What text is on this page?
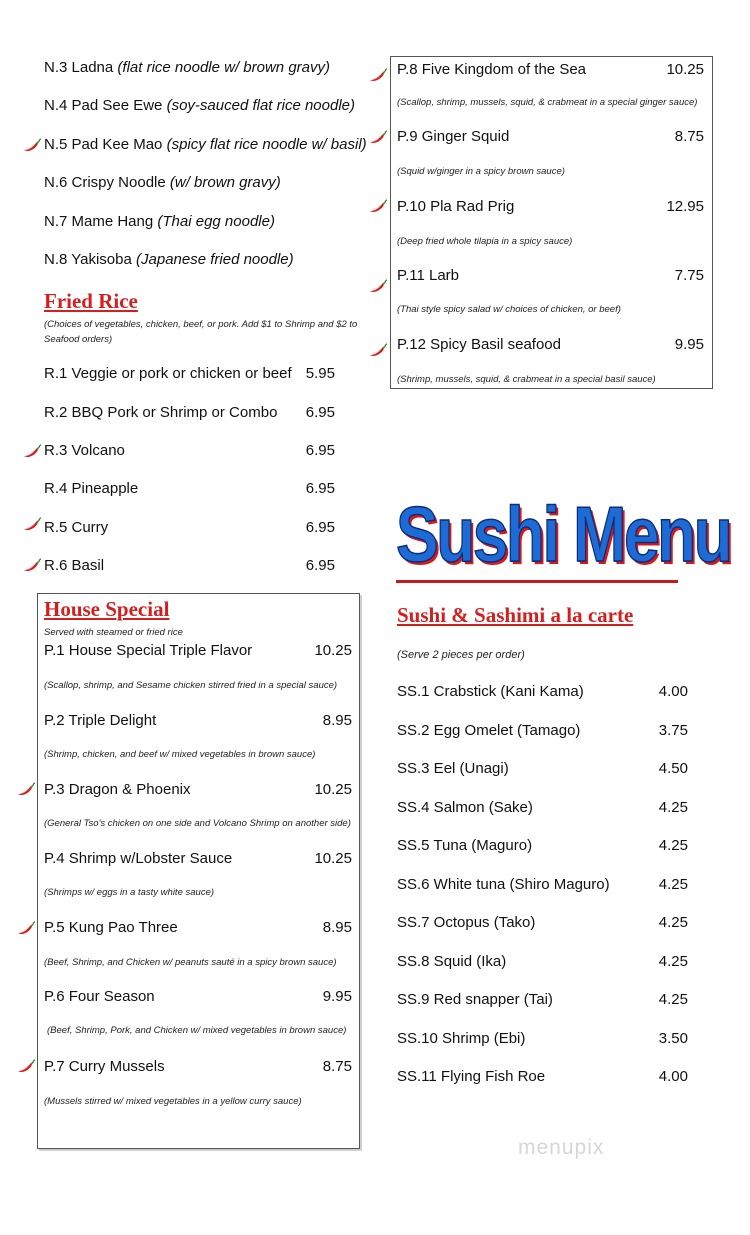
N.3 Ladna (flat rice noodle w/ brown gravy)
N.4 Pad See Ewe (soy-sauced flat rice noodle)
N.5 Pad Kee Mao (spicy flat rice noodle w/ basil)
N.6 Crispy Noodle (w/ brown gravy)
N.7 Mame Hang (Thai egg noodle)
N.8 Yakisoba (Japanese fried noodle)
Fried Rice
(Choices of vegetables, chicken, beef, or pork. Add $1 to Shrimp and $2 to
Seafood orders)
R.1 Veggie or pork or chicken or beef 5.95
R.2 BBQ Pork or Shrimp or Combo	6.95
R.3 Volcano	6.95
R.4 Pineapple	6.95
R.5 Curry	6.95
R.6 Basil	6.95
House Special
Served with steamed or fried rice
P.1 House Special Triple Flavor	10.25
(Scallop, shrimp, and Sesame chicken stirred fried in a special sauce)
P.2 Triple Delight	8.95
(Shrimp, chicken, and beef w/ mixed vegetables in brown sauce)
P.3 Dragon & Phoenix	10.25
(General Tso's chicken on one side and Volcano Shrimp on another side)
P.4 Shrimp w/Lobster Sauce	10.25
(Shrimps w/ eggs in a tasty white sauce)
P.5 Kung Pao Three	8.95
(Beef, Shrimp, and Chicken w/ peanuts sauté in a spicy brown sauce)
P.6 Four Season	9.95
(Beef, Shrimp, Pork, and Chicken w/ mixed vegetables in brown sauce)
P.7 Curry Mussels	8.75
(Mussels stirred w/ mixed vegetables in a yellow curry sauce)
P.8 Five Kingdom of the Sea	10.25
(Scallop, shrimp, mussels, squid, & crabmeat in a special ginger sauce)
P.9 Ginger Squid	8.75
(Squid w/ginger in a spicy brown sauce)
P.10 Pla Rad Prig	12.95
(Deep fried whole tilapia in a spicy sauce)
P.11 Larb	7.75
(Thai style spicy salad w/ choices of chicken, or beef)
P.12 Spicy Basil seafood	9.95
(Shrimp, mussels, squid, & crabmeat in a special basil sauce)
Sushi Menu
Sushi & Sashimi a la carte
(Serve 2 pieces per order)
SS.1 Crabstick (Kani Kama)	4.00
SS.2 Egg Omelet (Tamago)	3.75
SS.3 Eel (Unagi)	4.50
SS.4 Salmon (Sake)	4.25
SS.5 Tuna (Maguro)	4.25
SS.6 White tuna (Shiro Maguro)	4.25
SS.7 Octopus (Tako)	4.25
SS.8 Squid (Ika)	4.25
SS.9 Red snapper (Tai)	4.25
SS.10 Shrimp (Ebi)	3.50
SS.11 Flying Fish Roe	4.00
menupix
